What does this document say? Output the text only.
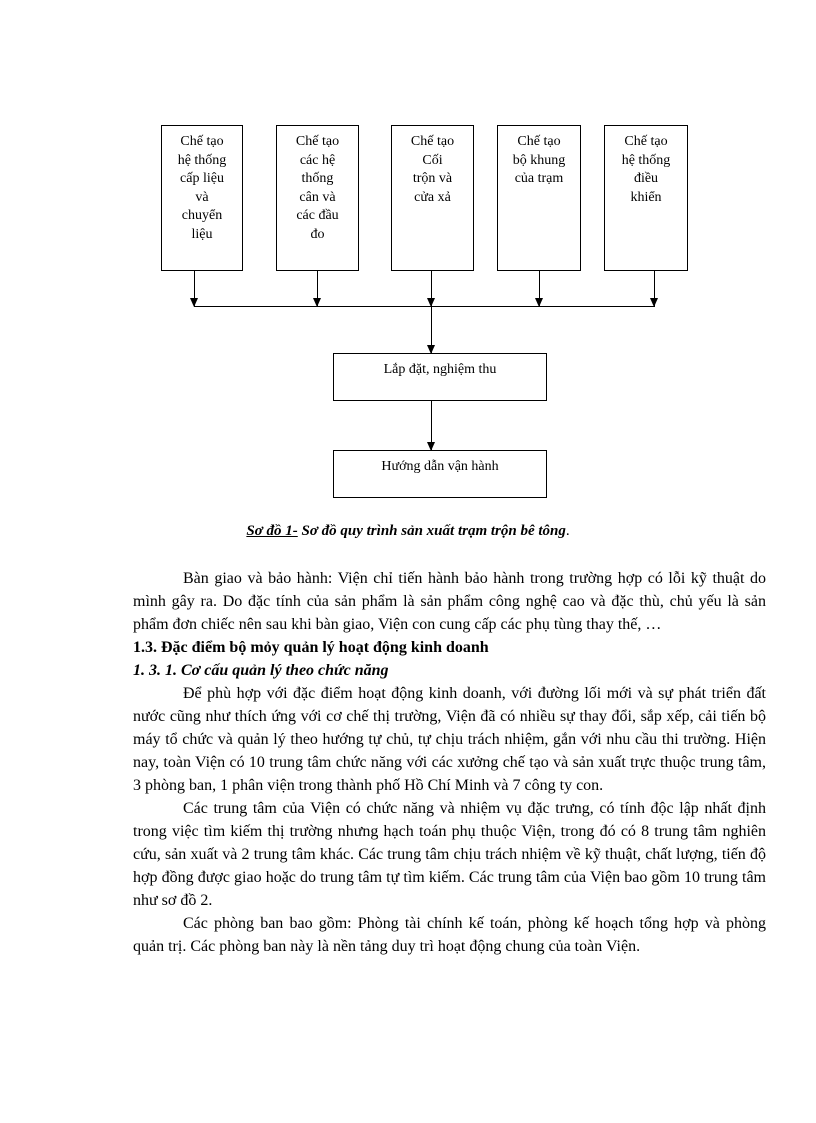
Chế tạo
hệ thống
cấp liệu
và
chuyển
liệu
Chế tạo
các hệ
thống
cân và
các đầu
đo
Chế tạo
Cối
trộn và
cửa xả
Chế tạo
bộ khung
của trạm
Chế tạo
hệ thống
điều
khiển
Lắp đặt, nghiệm thu
Hướng dẫn vận hành
Sơ đồ 1- Sơ đồ quy trình sản xuất trạm trộn bê tông.

Bàn giao và bảo hành: Viện chỉ tiến hành bảo hành trong trường hợp có lỗi kỹ thuật do mình gây ra. Do đặc tính của sản phẩm là sản phẩm công nghệ cao và đặc thù, chủ yếu là sản phẩm đơn chiếc nên sau khi bàn giao, Viện con cung cấp các phụ tùng thay thế, …

1.3. Đặc điểm bộ mỏy quản lý hoạt động kinh doanh

1. 3. 1. Cơ cấu quản lý theo chức năng

Để phù hợp với đặc điểm hoạt động kinh doanh, với đường lối mới và sự phát triển đất nước cũng như thích ứng với cơ chế thị trường, Viện đã có nhiều sự thay đổi, sắp xếp, cải tiến bộ máy tổ chức và quản lý theo hướng tự chủ, tự chịu trách nhiệm, gắn với nhu cầu thi trường. Hiện nay, toàn Viện có 10 trung tâm chức năng với các xưởng chế tạo và sản xuất trực thuộc trung tâm, 3 phòng ban, 1 phân viện trong thành phố Hồ Chí Minh và 7 công ty con.

Các trung tâm của Viện có chức năng và nhiệm vụ đặc trưng, có tính độc lập nhất định trong việc tìm kiếm thị trường nhưng hạch toán phụ thuộc Viện, trong đó có 8 trung tâm nghiên cứu, sản xuất và 2 trung tâm khác. Các trung tâm chịu trách nhiệm về kỹ thuật, chất lượng, tiến độ hợp đồng được giao hoặc do trung tâm tự tìm kiếm. Các trung tâm của Viện bao gồm 10 trung tâm như sơ đồ 2.

Các phòng ban bao gồm: Phòng tài chính kế toán, phòng kế hoạch tổng hợp và phòng quản trị. Các phòng ban này là nền tảng duy trì hoạt động chung của toàn Viện.
